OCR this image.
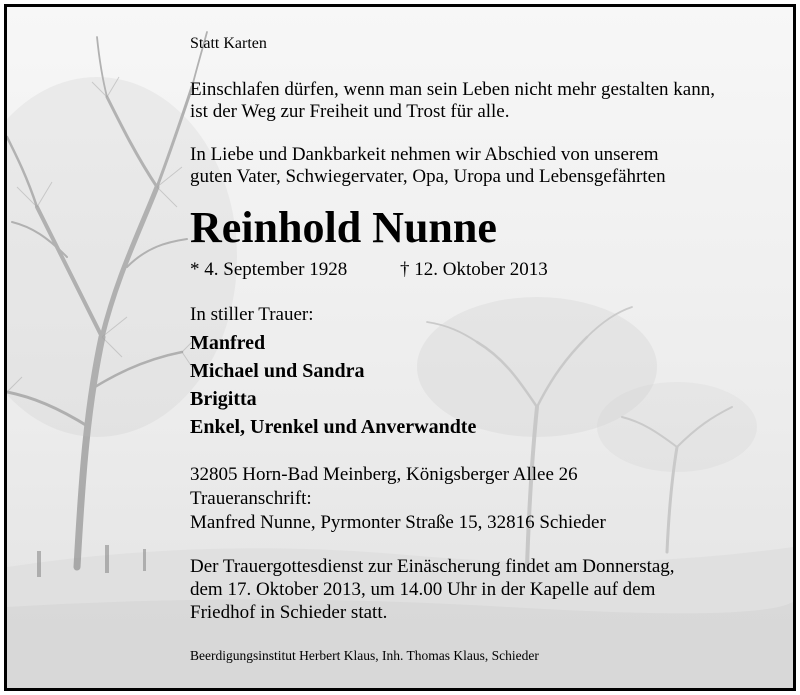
Statt Karten
Einschlafen dürfen, wenn man sein Leben nicht mehr gestalten kann,
ist der Weg zur Freiheit und Trost für alle.
In Liebe und Dankbarkeit nehmen wir Abschied von unserem
guten Vater, Schwiegervater, Opa, Uropa und Lebensgefährten
Reinhold Nunne
* 4. September 1928	† 12. Oktober 2013
In stiller Trauer:
Manfred
Michael und Sandra
Brigitta
Enkel, Urenkel und Anverwandte
32805 Horn-Bad Meinberg, Königsberger Allee 26
Traueranschrift:
Manfred Nunne, Pyrmonter Straße 15, 32816 Schieder
Der Trauergottesdienst zur Einäscherung findet am Donnerstag,
dem 17. Oktober 2013, um 14.00 Uhr in der Kapelle auf dem
Friedhof in Schieder statt.
Beerdigungsinstitut Herbert Klaus, Inh. Thomas Klaus, Schieder
